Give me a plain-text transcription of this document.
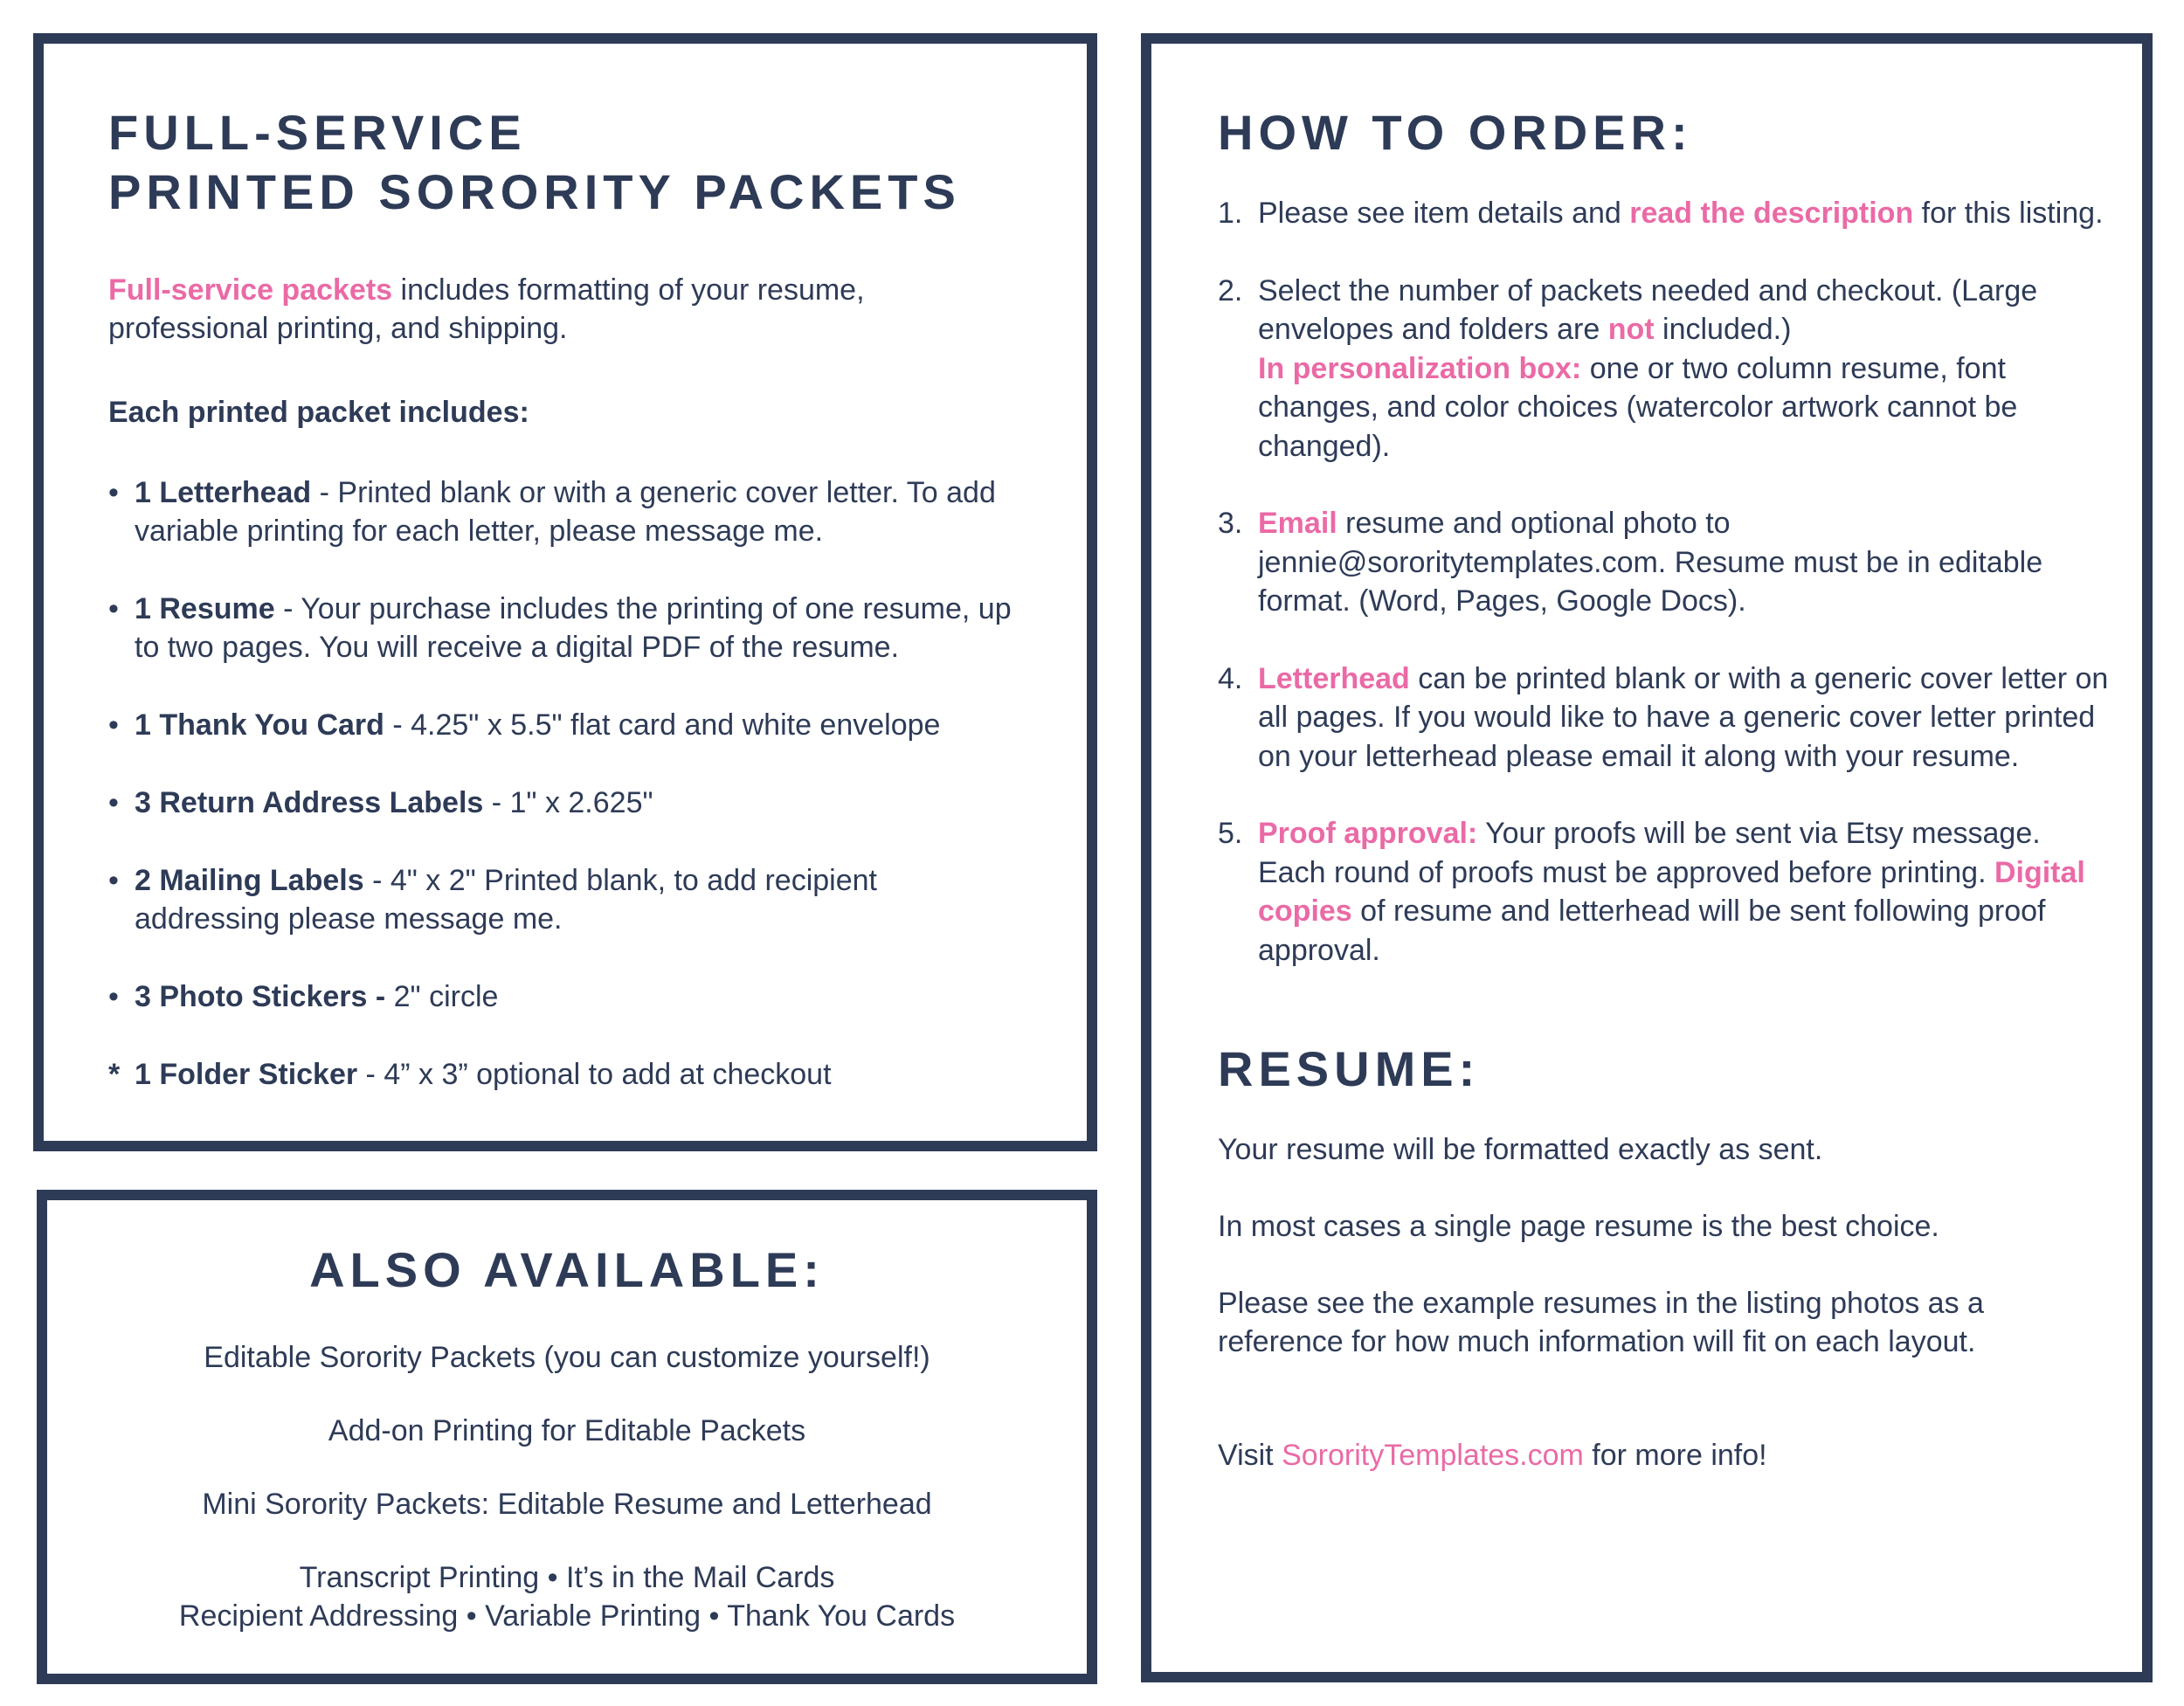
FULL-SERVICE
PRINTED SORORITY PACKETS

Full-service packets includes formatting of your resume, professional printing, and shipping.

Each printed packet includes:
• 1 Letterhead - Printed blank or with a generic cover letter. To add variable printing for each letter, please message me.
• 1 Resume - Your purchase includes the printing of one resume, up to two pages. You will receive a digital PDF of the resume.
• 1 Thank You Card - 4.25" x 5.5" flat card and white envelope
• 3 Return Address Labels - 1" x 2.625"
• 2 Mailing Labels - 4" x 2" Printed blank, to add recipient addressing please message me.
• 3 Photo Stickers - 2" circle
* 1 Folder Sticker - 4” x 3” optional to add at checkout
ALSO AVAILABLE:

Editable Sorority Packets (you can customize yourself!)

Add-on Printing for Editable Packets

Mini Sorority Packets: Editable Resume and Letterhead

Transcript Printing • It’s in the Mail Cards

Recipient Addressing • Variable Printing • Thank You Cards

HOW TO ORDER:
1. Please see item details and read the description for this listing.
2. Select the number of packets needed and checkout. (Large envelopes and folders are not included.)
In personalization box: one or two column resume, font changes, and color choices (watercolor artwork cannot be changed).
3. Email resume and optional photo to jennie@sororitytemplates.com. Resume must be in editable format. (Word, Pages, Google Docs).
4. Letterhead can be printed blank or with a generic cover letter on all pages. If you would like to have a generic cover letter printed on your letterhead please email it along with your resume.
5. Proof approval: Your proofs will be sent via Etsy message. Each round of proofs must be approved before printing. Digital copies of resume and letterhead will be sent following proof approval.
RESUME:

Your resume will be formatted exactly as sent.

In most cases a single page resume is the best choice.

Please see the example resumes in the listing photos as a reference for how much information will fit on each layout.

Visit SororityTemplates.com for more info!
